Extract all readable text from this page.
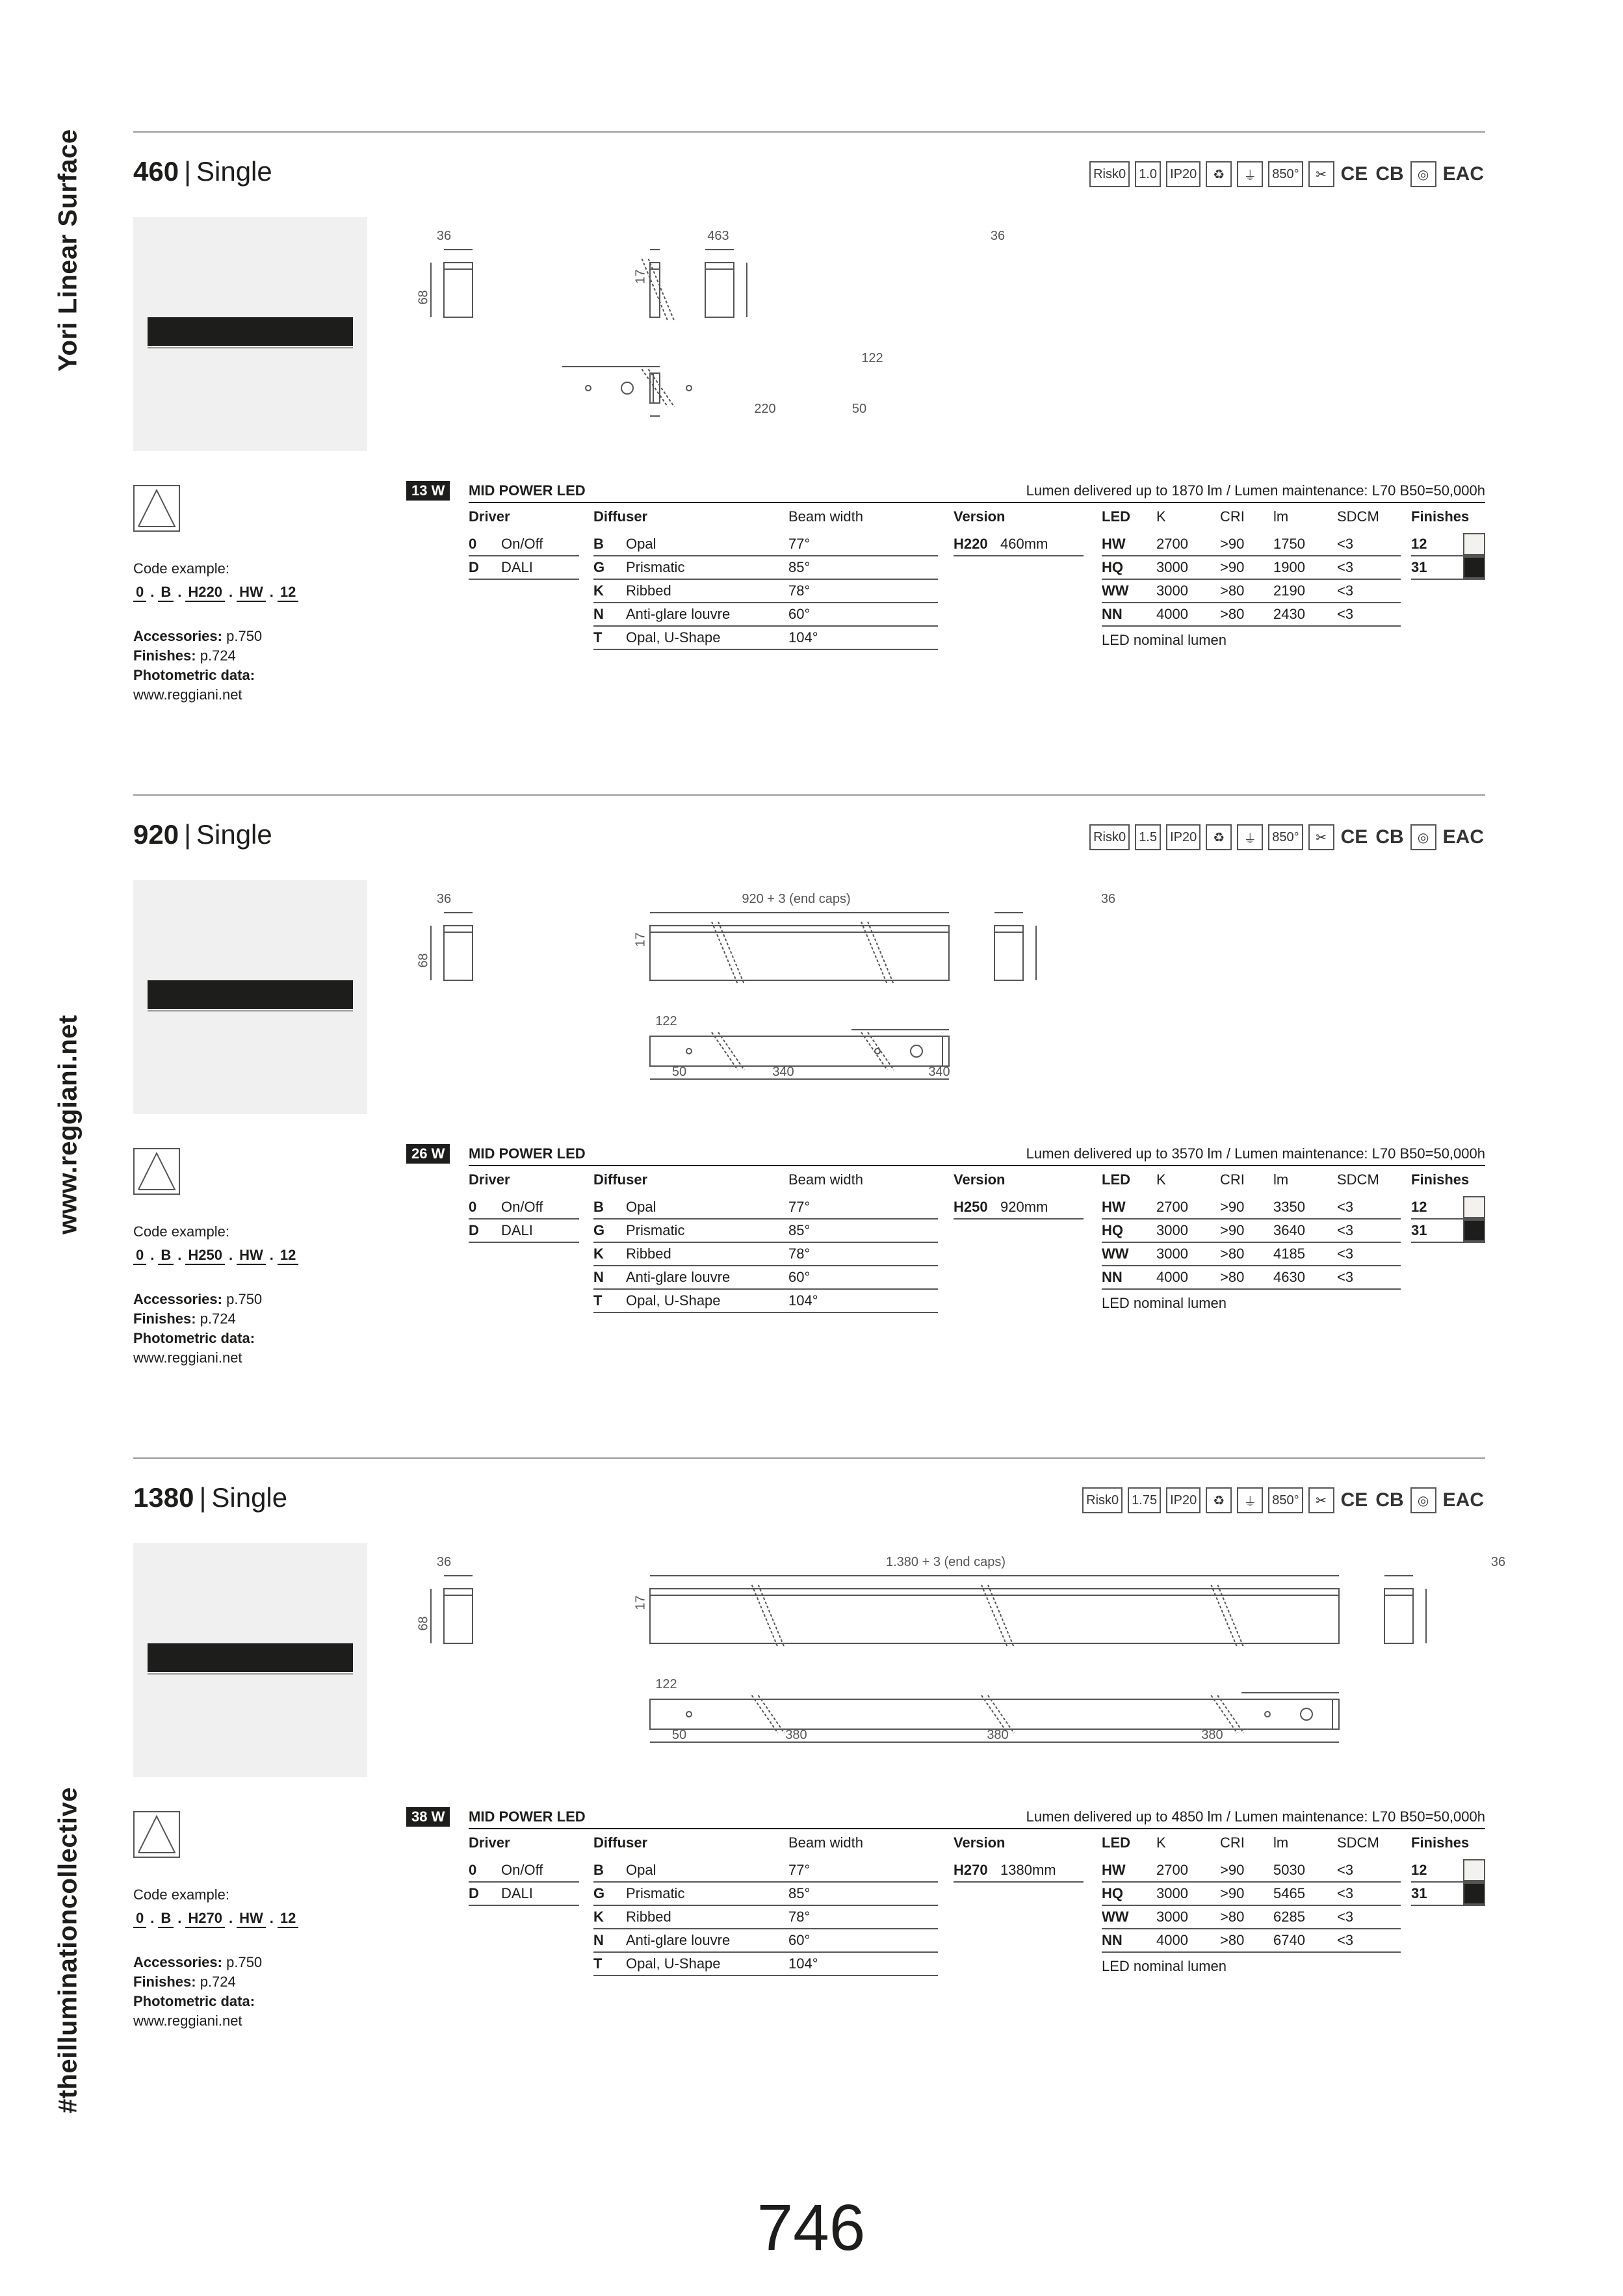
Yori Linear Surface
www.reggiani.net
#theilluminationcollective
460 | Single	Risk0	1.0	IP20	♻	⏚	850°	✂ CE CB	◎ EAC
36	463	36
122
220	50
68
17
Code example:
0 . B . H220 . HW . 12
Accessories: p.750
Finishes: p.724
Photometric data:
www.reggiani.net
13 W	MID POWER LED	Lumen delivered up to 1870 lm / Lumen maintenance: L70 B50=50,000h
Driver
0	On/Off
D	DALI
Diffuser	Beam width
B	Opal	77°
G	Prismatic	85°
K	Ribbed	78°
N	Anti-glare louvre	60°
T	Opal, U-Shape	104°
Version
H220 460mm
LED	K	CRI	lm	SDCM
HW	2700	>90	1750	<3
HQ	3000	>90	1900	<3
WW	3000	>80	2190	<3
NN	4000	>80	2430	<3
LED nominal lumen
Finishes
12
31
920 | Single	Risk0	1.5	IP20	♻	⏚	850°	✂ CE CB	◎ EAC
36	920 + 3 (end caps)	36
122
50	340	340
68
17
Code example:
0 . B . H250 . HW . 12
Accessories: p.750
Finishes: p.724
Photometric data:
www.reggiani.net
26 W	MID POWER LED	Lumen delivered up to 3570 lm / Lumen maintenance: L70 B50=50,000h
Driver
0	On/Off
D	DALI
Diffuser	Beam width
B	Opal	77°
G	Prismatic	85°
K	Ribbed	78°
N	Anti-glare louvre	60°
T	Opal, U-Shape	104°
Version
H250 920mm
LED	K	CRI	lm	SDCM
HW	2700	>90	3350	<3
HQ	3000	>90	3640	<3
WW	3000	>80	4185	<3
NN	4000	>80	4630	<3
LED nominal lumen
Finishes
12
31
1380 | Single	Risk0	1.75	IP20	♻	⏚	850°	✂ CE CB	◎ EAC
36	1.380 + 3 (end caps)	36
122
50	380	380	380
68
17
Code example:
0 . B . H270 . HW . 12
Accessories: p.750
Finishes: p.724
Photometric data:
www.reggiani.net
38 W	MID POWER LED	Lumen delivered up to 4850 lm / Lumen maintenance: L70 B50=50,000h
Driver
0	On/Off
D	DALI
Diffuser	Beam width
B	Opal	77°
G	Prismatic	85°
K	Ribbed	78°
N	Anti-glare louvre	60°
T	Opal, U-Shape	104°
Version
H270 1380mm
LED	K	CRI	lm	SDCM
HW	2700	>90	5030	<3
HQ	3000	>90	5465	<3
WW	3000	>80	6285	<3
NN	4000	>80	6740	<3
LED nominal lumen
Finishes
12
31
746
